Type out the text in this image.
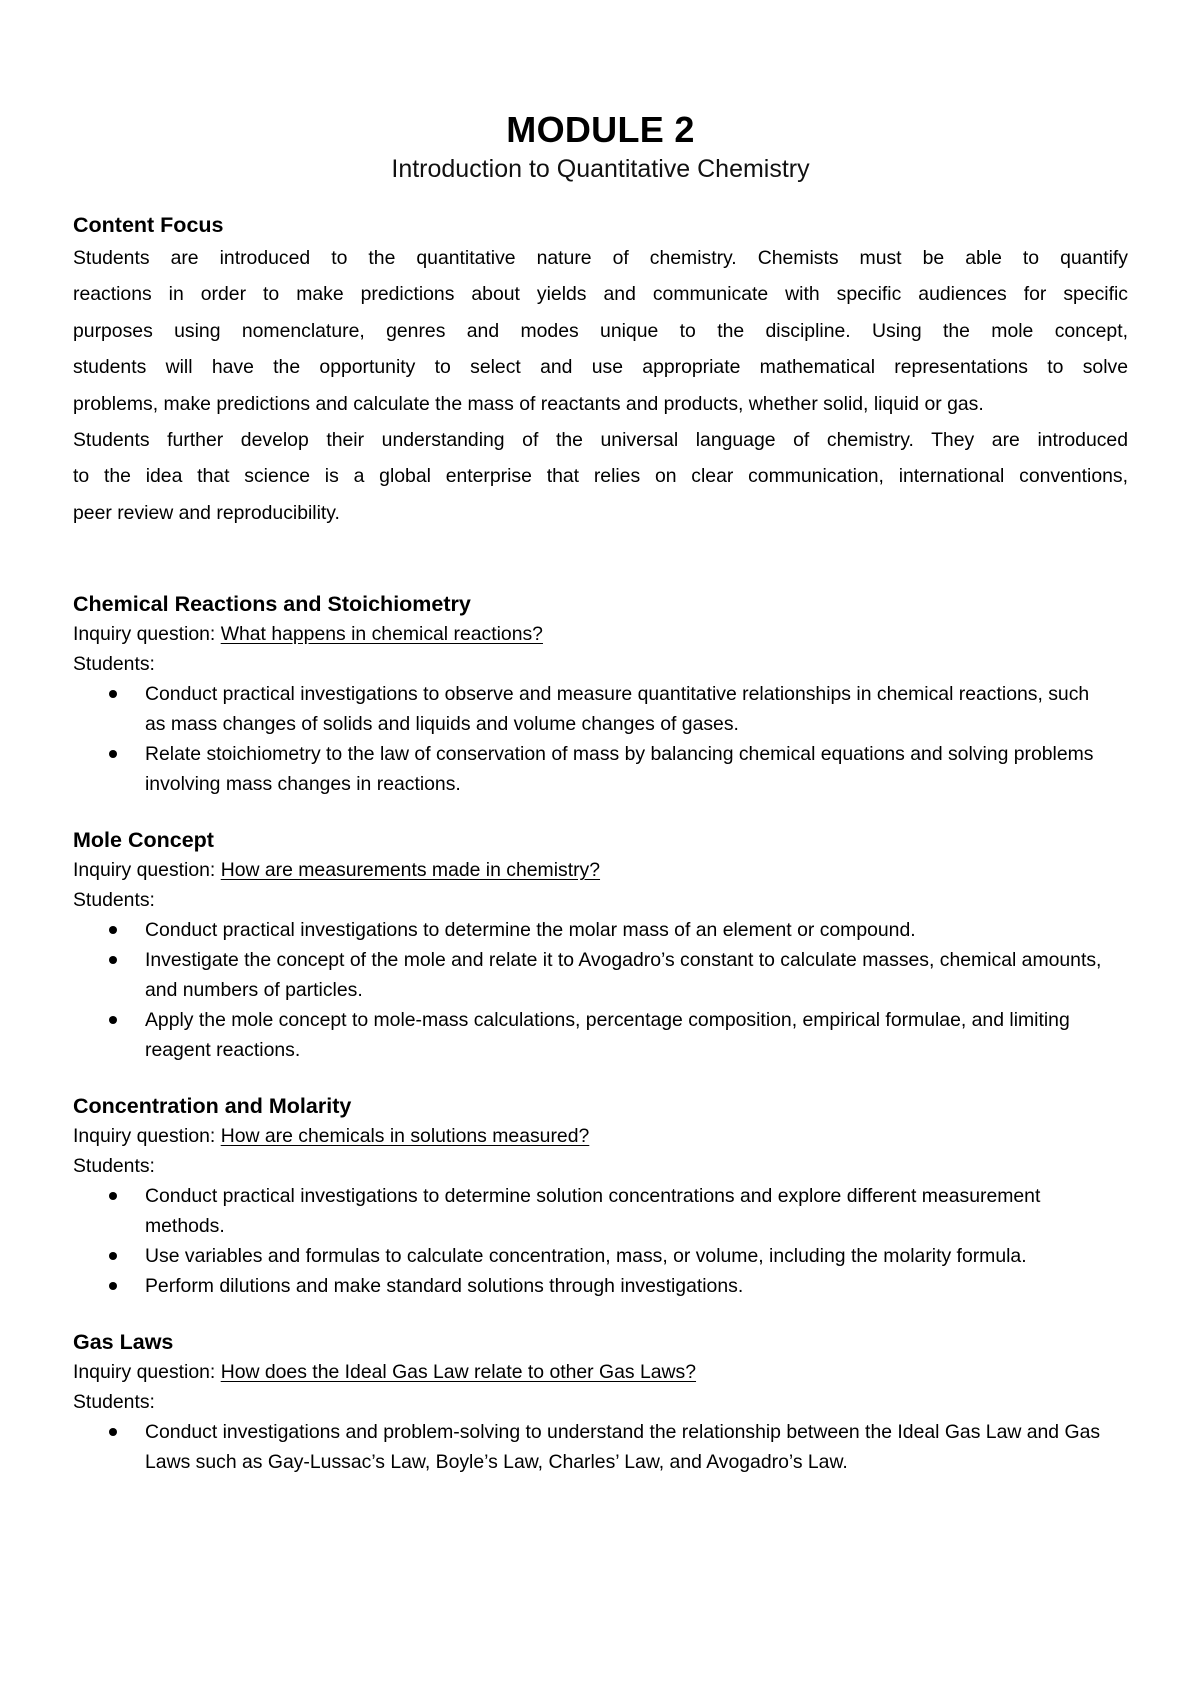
MODULE 2

Introduction to Quantitative Chemistry

Content Focus

Students are introduced to the quantitative nature of chemistry. Chemists must be able to quantify
reactions in order to make predictions about yields and communicate with specific audiences for specific
purposes using nomenclature, genres and modes unique to the discipline. Using the mole concept,
students will have the opportunity to select and use appropriate mathematical representations to solve
problems, make predictions and calculate the mass of reactants and products, whether solid, liquid or gas.
Students further develop their understanding of the universal language of chemistry. They are introduced
to the idea that science is a global enterprise that relies on clear communication, international conventions,
peer review and reproducibility.

Chemical Reactions and Stoichiometry

Inquiry question: What happens in chemical reactions?

Students:

Conduct practical investigations to observe and measure quantitative relationships in chemical reactions, such as mass changes of solids and liquids and volume changes of gases.
Relate stoichiometry to the law of conservation of mass by balancing chemical equations and solving problems involving mass changes in reactions.
Mole Concept

Inquiry question: How are measurements made in chemistry?

Students:

Conduct practical investigations to determine the molar mass of an element or compound.
Investigate the concept of the mole and relate it to Avogadro’s constant to calculate masses, chemical amounts, and numbers of particles.
Apply the mole concept to mole-mass calculations, percentage composition, empirical formulae, and limiting reagent reactions.
Concentration and Molarity

Inquiry question: How are chemicals in solutions measured?

Students:

Conduct practical investigations to determine solution concentrations and explore different measurement methods.
Use variables and formulas to calculate concentration, mass, or volume, including the molarity formula.
Perform dilutions and make standard solutions through investigations.
Gas Laws

Inquiry question: How does the Ideal Gas Law relate to other Gas Laws?

Students:

Conduct investigations and problem-solving to understand the relationship between the Ideal Gas Law and Gas Laws such as Gay-Lussac’s Law, Boyle’s Law, Charles’ Law, and Avogadro’s Law.
